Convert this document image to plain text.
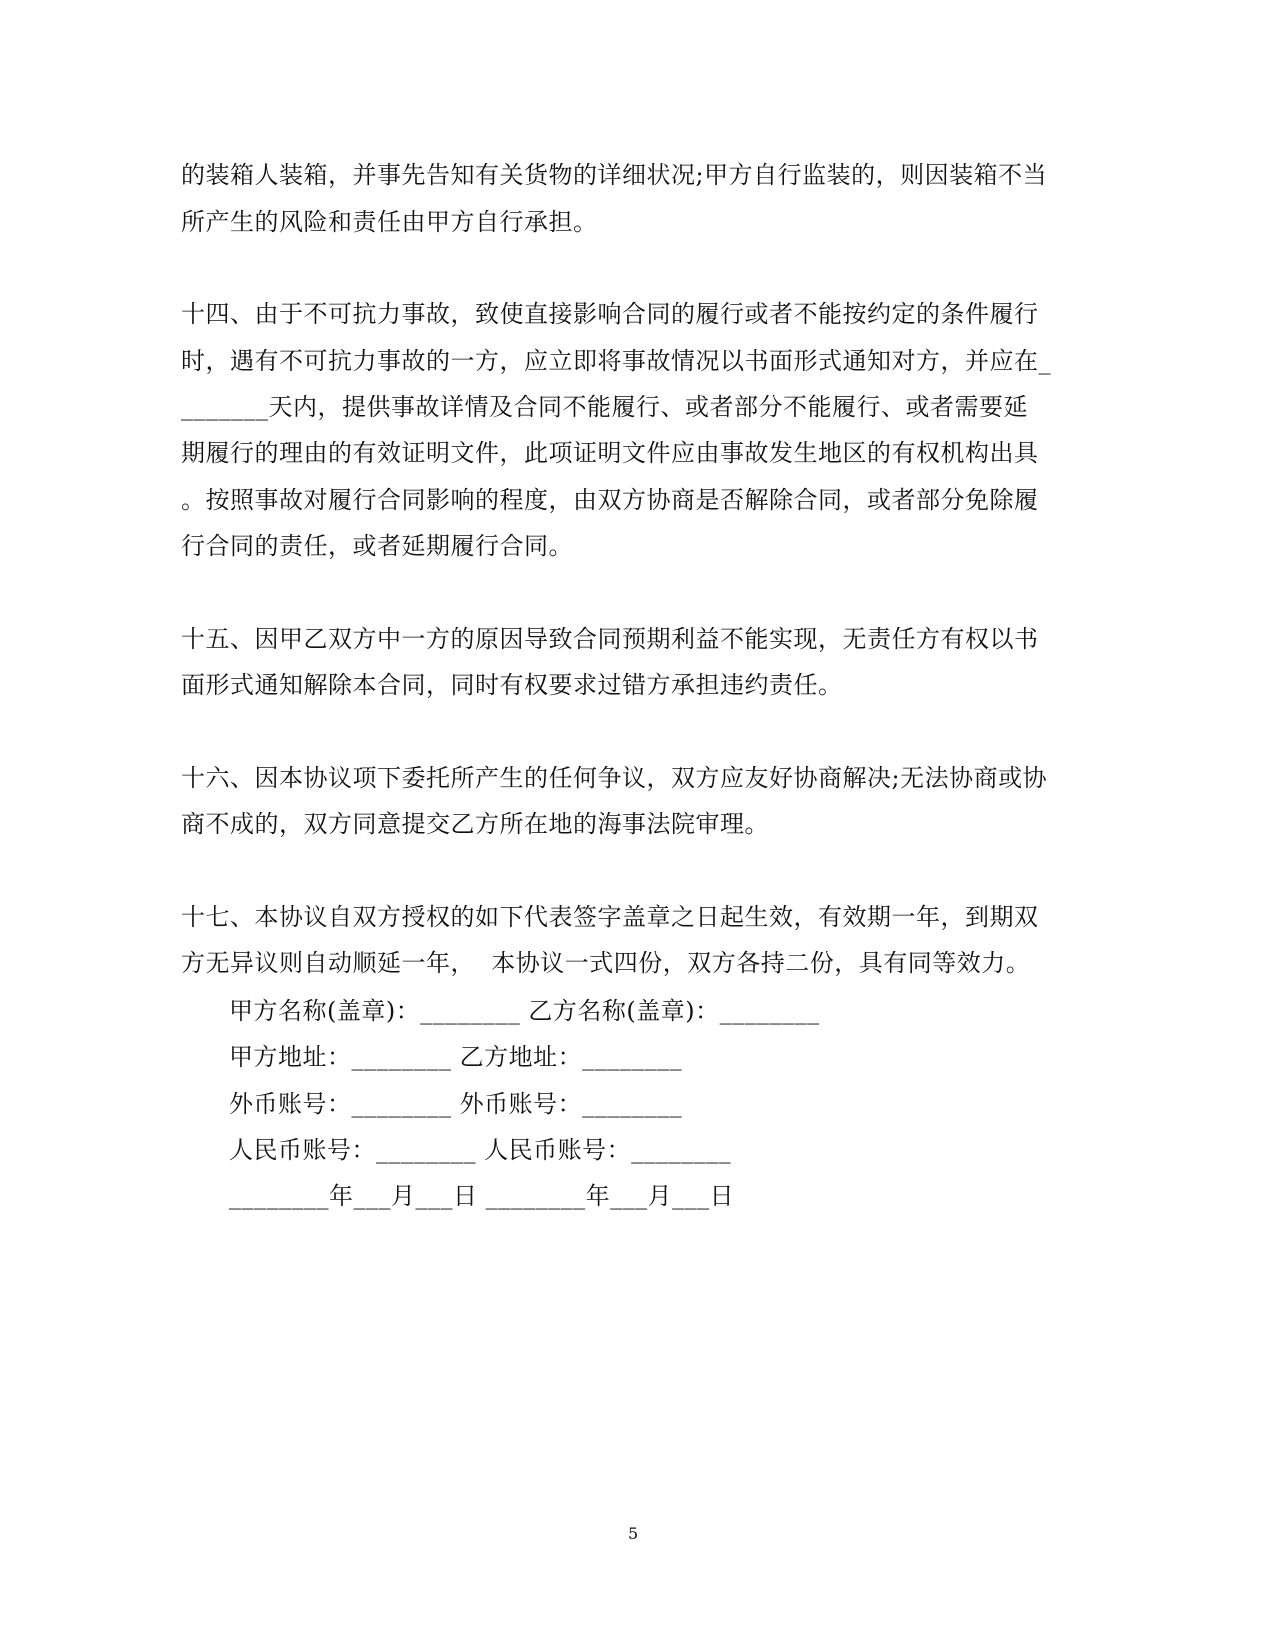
的装箱人装箱，并事先告知有关货物的详细状况;甲方自行监装的，则因装箱不当
所产生的风险和责任由甲方自行承担。
十四、由于不可抗力事故，致使直接影响合同的履行或者不能按约定的条件履行
时，遇有不可抗力事故的一方，应立即将事故情况以书面形式通知对方，并应在_
_______天内，提供事故详情及合同不能履行、或者部分不能履行、或者需要延
期履行的理由的有效证明文件，此项证明文件应由事故发生地区的有权机构出具
。按照事故对履行合同影响的程度，由双方协商是否解除合同，或者部分免除履
行合同的责任，或者延期履行合同。
十五、因甲乙双方中一方的原因导致合同预期利益不能实现，无责任方有权以书
面形式通知解除本合同，同时有权要求过错方承担违约责任。
十六、因本协议项下委托所产生的任何争议，双方应友好协商解决;无法协商或协
商不成的，双方同意提交乙方所在地的海事法院审理。
十七、本协议自双方授权的如下代表签字盖章之日起生效，有效期一年，到期双
方无异议则自动顺延一年，  本协议一式四份，双方各持二份，具有同等效力。
甲方名称(盖章)：________ 乙方名称(盖章)：________
甲方地址：________ 乙方地址：________
外币账号：________ 外币账号：________
人民币账号：________ 人民币账号：________
________年___月___日 ________年___月___日
5
